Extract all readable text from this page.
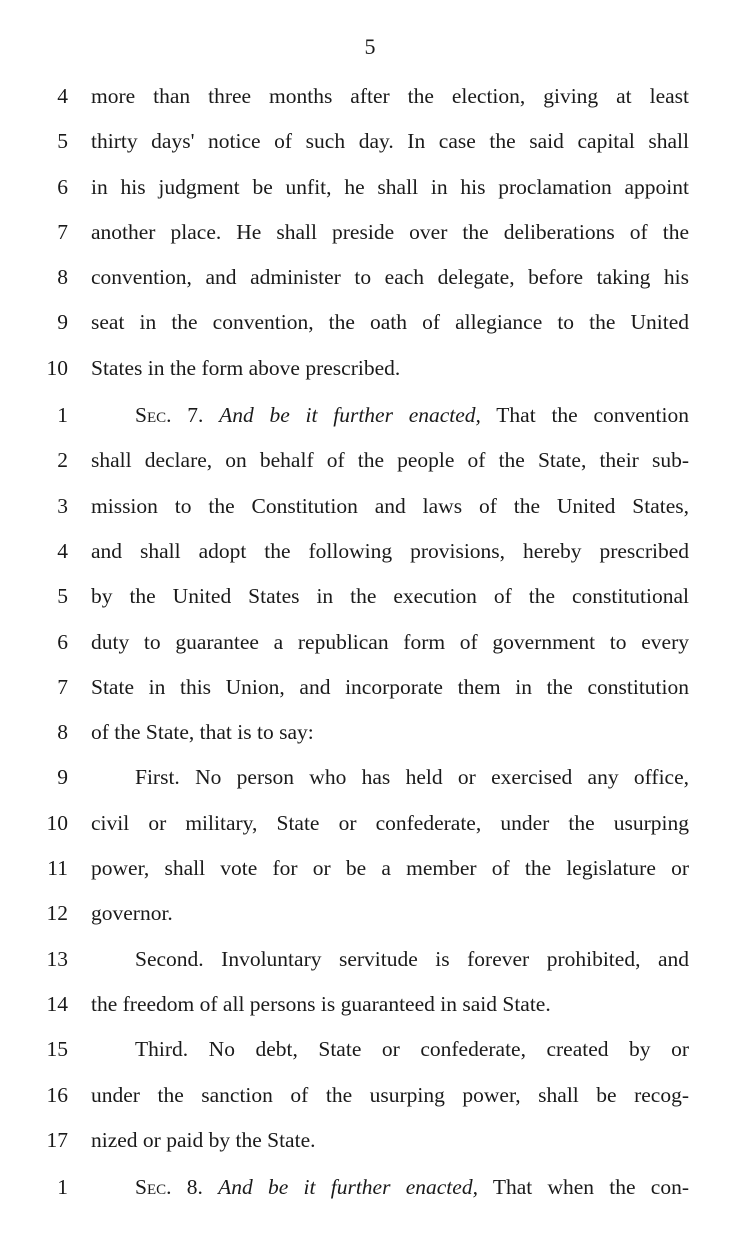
5
4 more than three months after the election, giving at least
5 thirty days' notice of such day. In case the said capital shall
6 in his judgment be unfit, he shall in his proclamation appoint
7 another place. He shall preside over the deliberations of the
8 convention, and administer to each delegate, before taking his
9 seat in the convention, the oath of allegiance to the United
10 States in the form above prescribed.
1	Sec. 7. And be it further enacted, That the convention
2 shall declare, on behalf of the people of the State, their sub-
3 mission to the Constitution and laws of the United States,
4 and shall adopt the following provisions, hereby prescribed
5 by the United States in the execution of the constitutional
6 duty to guarantee a republican form of government to every
7 State in this Union, and incorporate them in the constitution
8 of the State, that is to say:
9	First. No person who has held or exercised any office,
10 civil or military, State or confederate, under the usurping
11 power, shall vote for or be a member of the legislature or
12 governor.
13	Second. Involuntary servitude is forever prohibited, and
14 the freedom of all persons is guaranteed in said State.
15	Third. No debt, State or confederate, created by or
16 under the sanction of the usurping power, shall be recog-
17 nized or paid by the State.
1	Sec. 8. And be it further enacted, That when the con-
